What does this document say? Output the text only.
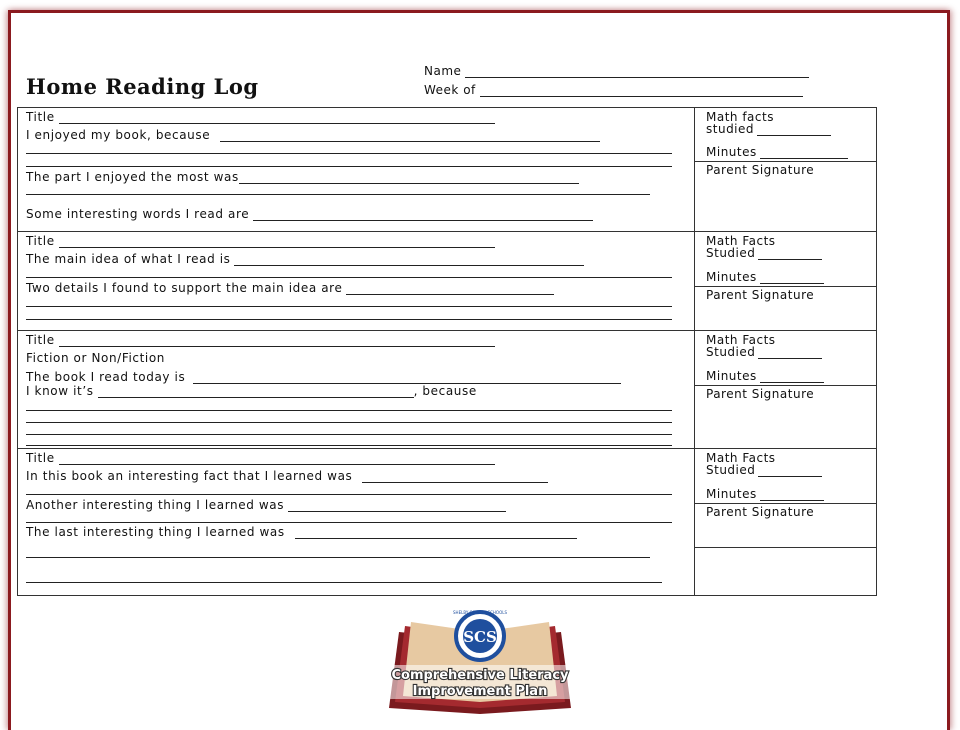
Home Reading Log
Name
Week of
Title
I enjoyed my book, because
The part I enjoyed the most was
Some interesting words I read are
Math facts
studied
Minutes
Parent Signature
Title
The main idea of what I read is
Two details I found to support the main idea are
Math Facts
Studied
Minutes
Parent Signature
Title
Fiction or Non/Fiction
The book I read today is
I know it’s	, because
Math Facts
Studied
Minutes
Parent Signature
Title
In this book an interesting fact that I learned was
Another interesting thing I learned was
The last interesting thing I learned was
Math Facts
Studied
Minutes
Parent Signature
SHELBY COUNTY SCHOOLS
SCS
Comprehensive Literacy
Improvement Plan
